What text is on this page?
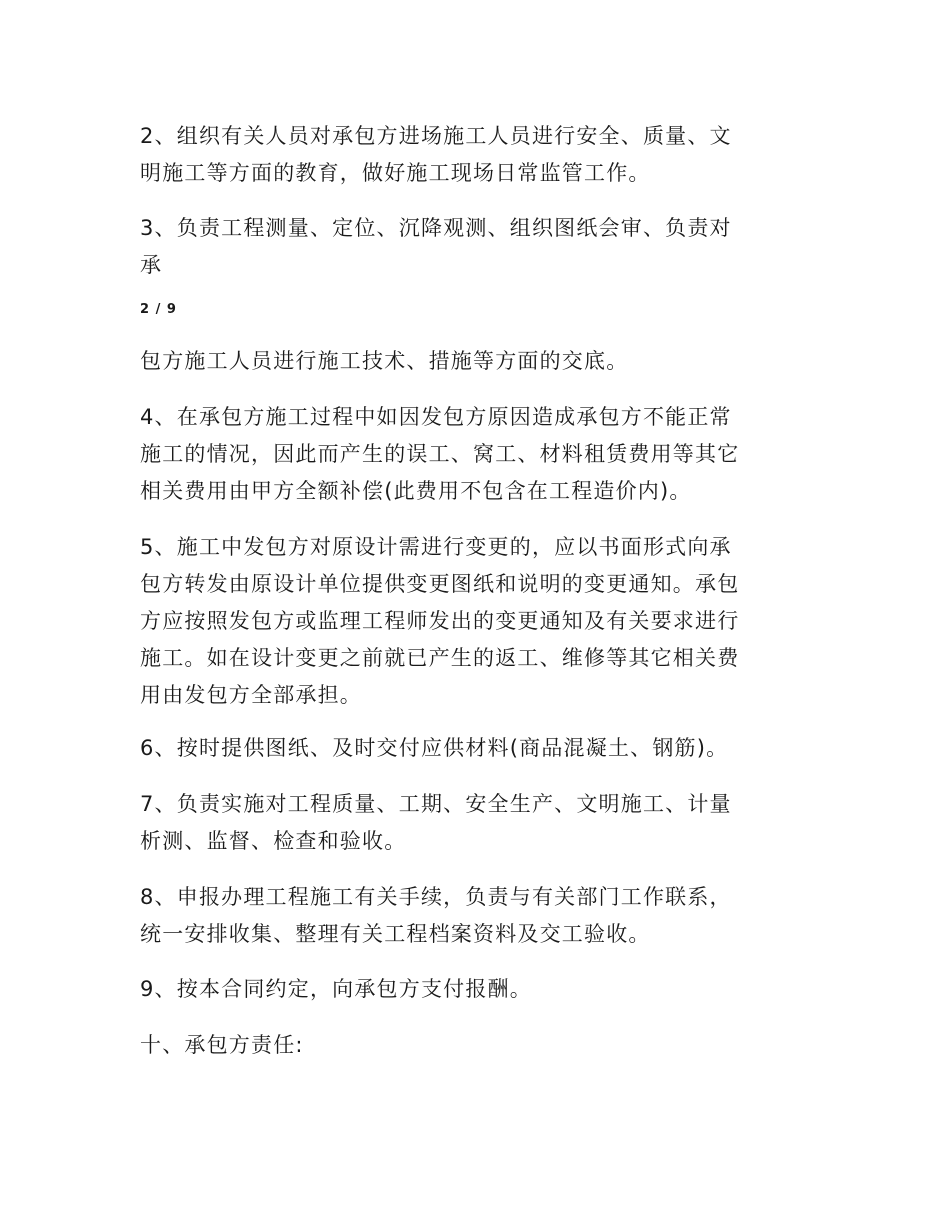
2、组织有关人员对承包方进场施工人员进行安全、质量、文
明施工等方面的教育，做好施工现场日常监管工作。

3、负责工程测量、定位、沉降观测、组织图纸会审、负责对
承

2 / 9

包方施工人员进行施工技术、措施等方面的交底。

4、在承包方施工过程中如因发包方原因造成承包方不能正常
施工的情况，因此而产生的误工、窝工、材料租赁费用等其它
相关费用由甲方全额补偿(此费用不包含在工程造价内)。

5、施工中发包方对原设计需进行变更的，应以书面形式向承
包方转发由原设计单位提供变更图纸和说明的变更通知。承包
方应按照发包方或监理工程师发出的变更通知及有关要求进行
施工。如在设计变更之前就已产生的返工、维修等其它相关费
用由发包方全部承担。

6、按时提供图纸、及时交付应供材料(商品混凝土、钢筋)。

7、负责实施对工程质量、工期、安全生产、文明施工、计量
析测、监督、检查和验收。

8、申报办理工程施工有关手续，负责与有关部门工作联系，
统一安排收集、整理有关工程档案资料及交工验收。

9、按本合同约定，向承包方支付报酬。

十、承包方责任:
